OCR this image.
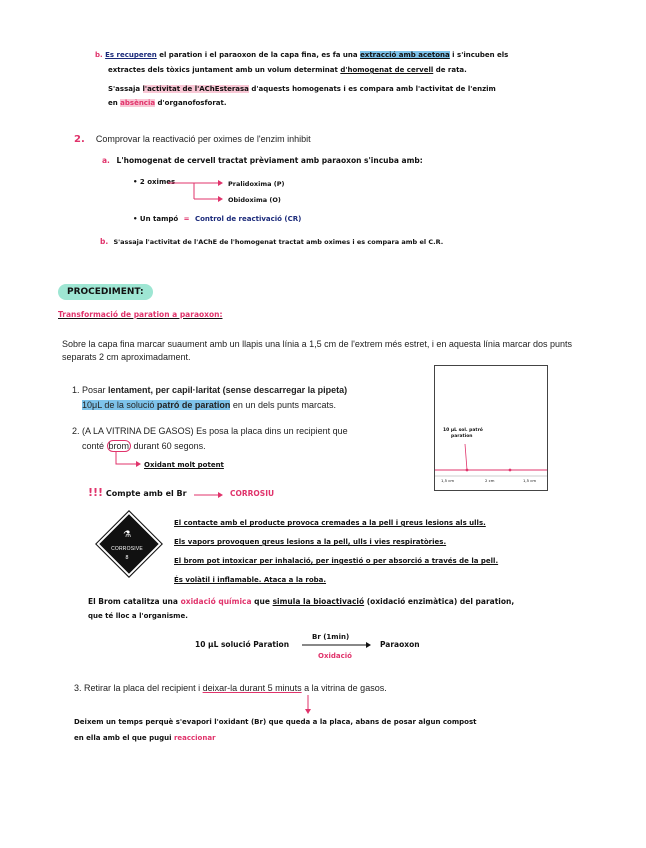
b. Es recuperen el paration i el paraoxon de la capa fina, es fa una extracció amb acetona i s'incuben els
extractes dels tòxics juntament amb un volum determinat d'homogenat de cervell de rata.
S'assaja l'activitat de l'AChEsterasa d'aquests homogenats i es compara amb l'activitat de l'enzim
en absència d'organofosforat.
2. Comprovar la reactivació per oximes de l'enzim inhibit
a. L'homogenat de cervell tractat prèviament amb paraoxon s'incuba amb:
• 2 oximes	Pralidoxima (P)
Obidoxima (O)
• Un tampó = Control de reactivació (CR)
b. S'assaja l'activitat de l'AChE de l'homogenat tractat amb oximes i es compara amb el C.R.
PROCEDIMENT:
Transformació de paration a paraoxon:
Sobre la capa fina marcar suaument amb un llapis una línia a 1,5 cm de l'extrem més estret, i en aquesta línia marcar dos punts separats 2 cm aproximadament.
1. Posar lentament, per capil·laritat (sense descarregar la pipeta)
10μL de la solució patró de paration en un dels punts marcats.
2. (A LA VITRINA DE GASOS) Es posa la placa dins un recipient que
conté brom durant 60 segons.
Oxidant molt potent
!!! Compte amb el Br	CORROSIU
⚗
CORROSIVE
8
El contacte amb el producte provoca cremades a la pell i greus lesions als ulls.
Els vapors provoquen greus lesions a la pell, ulls i vies respiratòries.
El brom pot intoxicar per inhalació, per ingestió o per absorció a través de la pell.
És volàtil i inflamable. Ataca a la roba.
10 μL sol. patró
paration
1,5 cm	2 cm	1,5 cm
El Brom catalitza una oxidació química que simula la bioactivació (oxidació enzimàtica) del paration,
que té lloc a l'organisme.
10 μL solució Paration
Br (1min)
Oxidació
Paraoxon
3. Retirar la placa del recipient i deixar-la durant 5 minuts a la vitrina de gasos.
Deixem un temps perquè s'evapori l'oxidant (Br) que queda a la placa, abans de posar algun compost
en ella amb el que pugui reaccionar
